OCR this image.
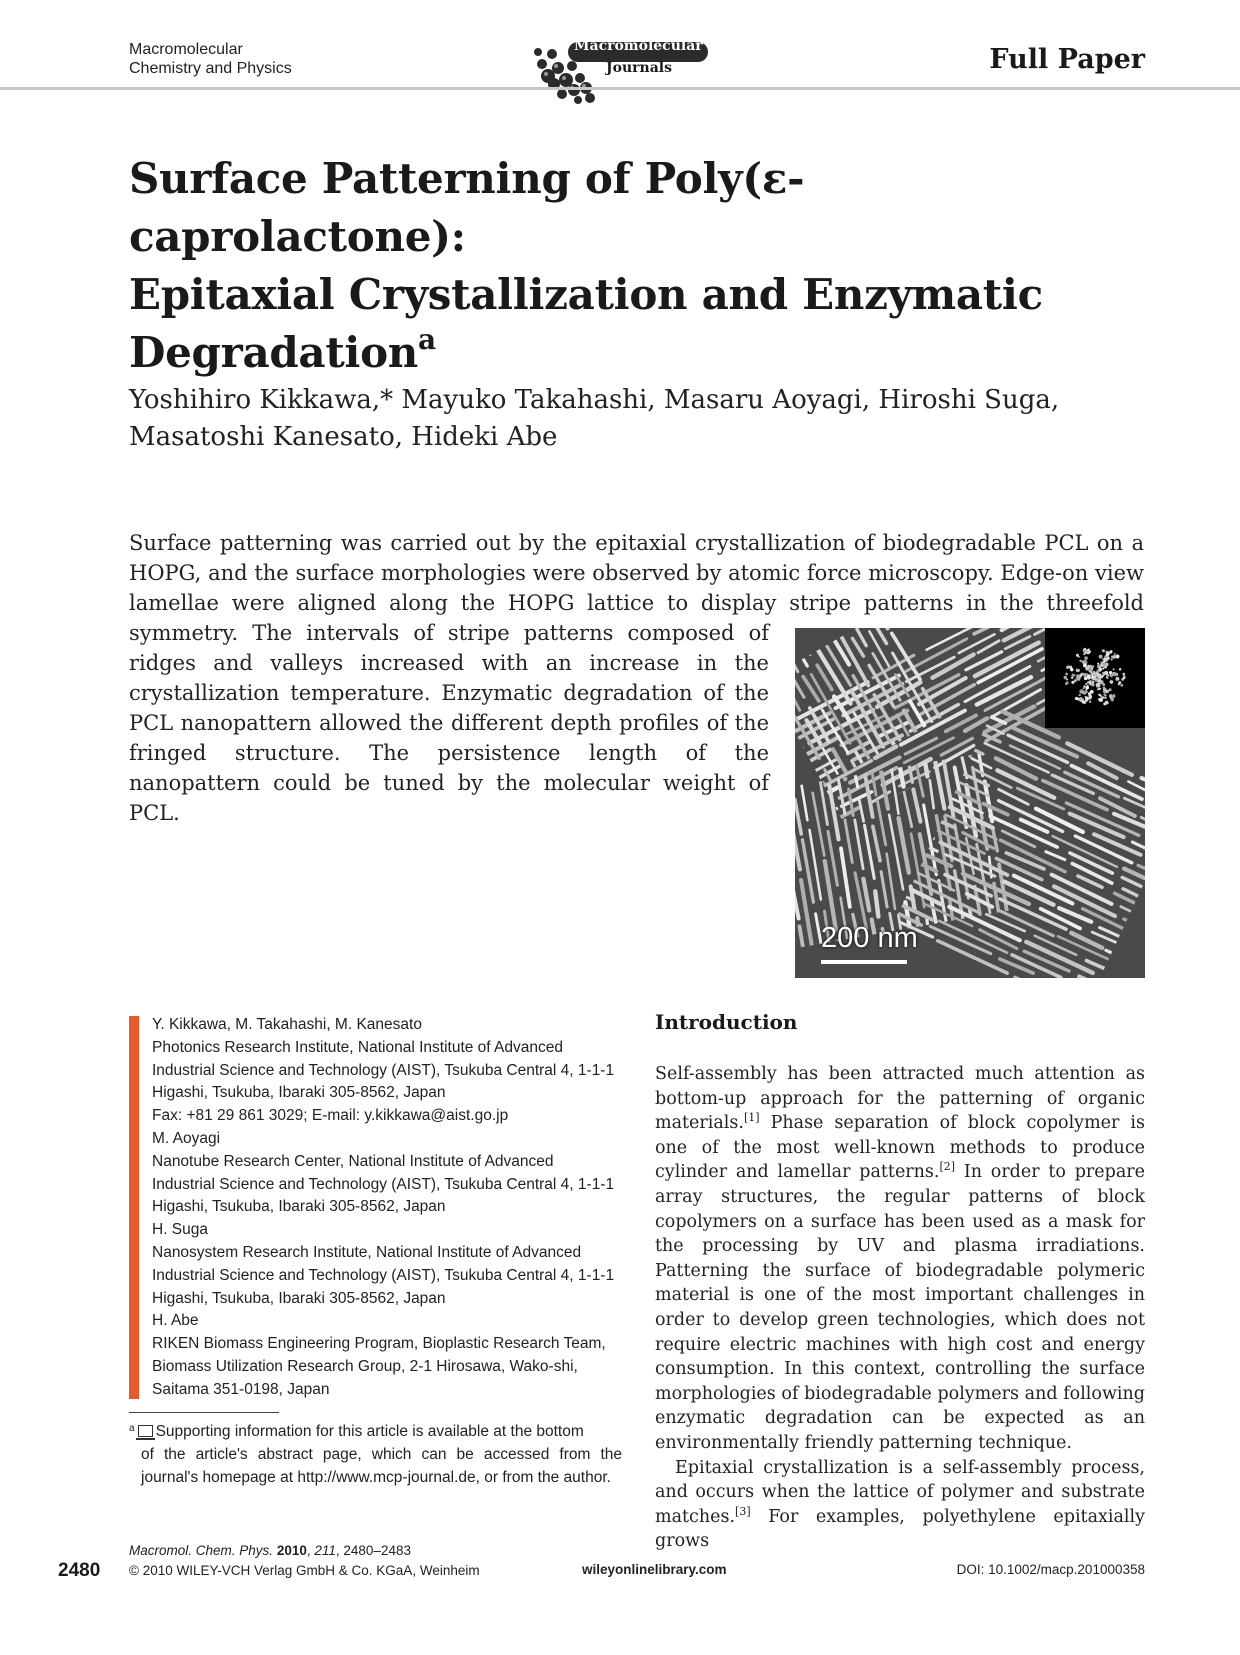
Macromolecular
Chemistry and Physics
Macromolecular
Journals	Full Paper
Surface Patterning of Poly(ε-caprolactone):
Epitaxial Crystallization and Enzymatic
Degradation$^a$
Yoshihiro Kikkawa,* Mayuko Takahashi, Masaru Aoyagi, Hiroshi Suga,
Masatoshi Kanesato, Hideki Abe
Surface patterning was carried out by the epitaxial crystallization of biodegradable PCL on a HOPG, and the surface morphologies were observed by atomic force microscopy. Edge-on view lamellae were aligned along the HOPG lattice to display stripe patterns in the threefold
symmetry. The intervals of stripe patterns composed of ridges and valleys increased with an increase in the crystallization temperature. Enzymatic degradation of the PCL nanopattern allowed the different depth profiles of the fringed structure. The persistence length of the nanopattern could be tuned by the molecular weight of PCL.
200 nm
Y. Kikkawa, M. Takahashi, M. Kanesato
Photonics Research Institute, National Institute of Advanced
Industrial Science and Technology (AIST), Tsukuba Central 4, 1-1-1
Higashi, Tsukuba, Ibaraki 305-8562, Japan
Fax: +81 29 861 3029; E-mail: y.kikkawa@aist.go.jp
M. Aoyagi
Nanotube Research Center, National Institute of Advanced
Industrial Science and Technology (AIST), Tsukuba Central 4, 1-1-1
Higashi, Tsukuba, Ibaraki 305-8562, Japan
H. Suga
Nanosystem Research Institute, National Institute of Advanced
Industrial Science and Technology (AIST), Tsukuba Central 4, 1-1-1
Higashi, Tsukuba, Ibaraki 305-8562, Japan
H. Abe
RIKEN Biomass Engineering Program, Bioplastic Research Team,
Biomass Utilization Research Group, 2-1 Hirosawa, Wako-shi,
Saitama 351-0198, Japan
$^a$ Supporting information for this article is available at the bottom
of the article's abstract page, which can be accessed from the journal's homepage at http://www.mcp-journal.de, or from the author.
Introduction

Self-assembly has been attracted much attention as bottom-up approach for the patterning of organic materials.[1] Phase separation of block copolymer is one of the most well-known methods to produce cylinder and lamellar patterns.[2] In order to prepare array structures, the regular patterns of block copolymers on a surface has been used as a mask for the processing by UV and plasma irradiations. Patterning the surface of biodegradable polymeric material is one of the most important challenges in order to develop green technologies, which does not require electric machines with high cost and energy consumption. In this context, controlling the surface morphologies of biodegradable polymers and following enzymatic degradation can be expected as an environmentally friendly patterning technique.

Epitaxial crystallization is a self-assembly process, and occurs when the lattice of polymer and substrate matches.[3] For examples, polyethylene epitaxially grows

2480
Macromol. Chem. Phys. 2010, 211, 2480–2483
© 2010 WILEY-VCH Verlag GmbH & Co. KGaA, Weinheim	wileyonlinelibrary.com	DOI: 10.1002/macp.201000358
